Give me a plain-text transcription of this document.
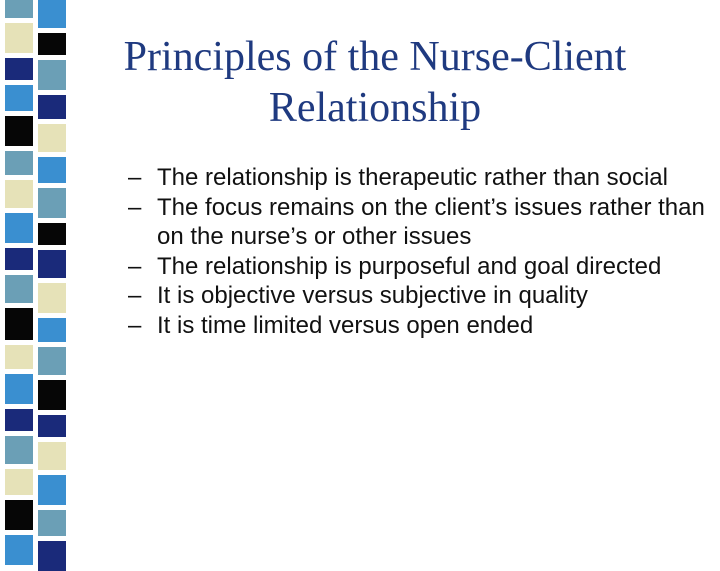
Principles of the Nurse-Client
Relationship
– The relationship is therapeutic rather than social
– The focus remains on the client’s issues rather than on the nurse’s or other issues
– The relationship is purposeful and goal directed
– It is objective versus subjective in quality
– It is time limited versus open ended
